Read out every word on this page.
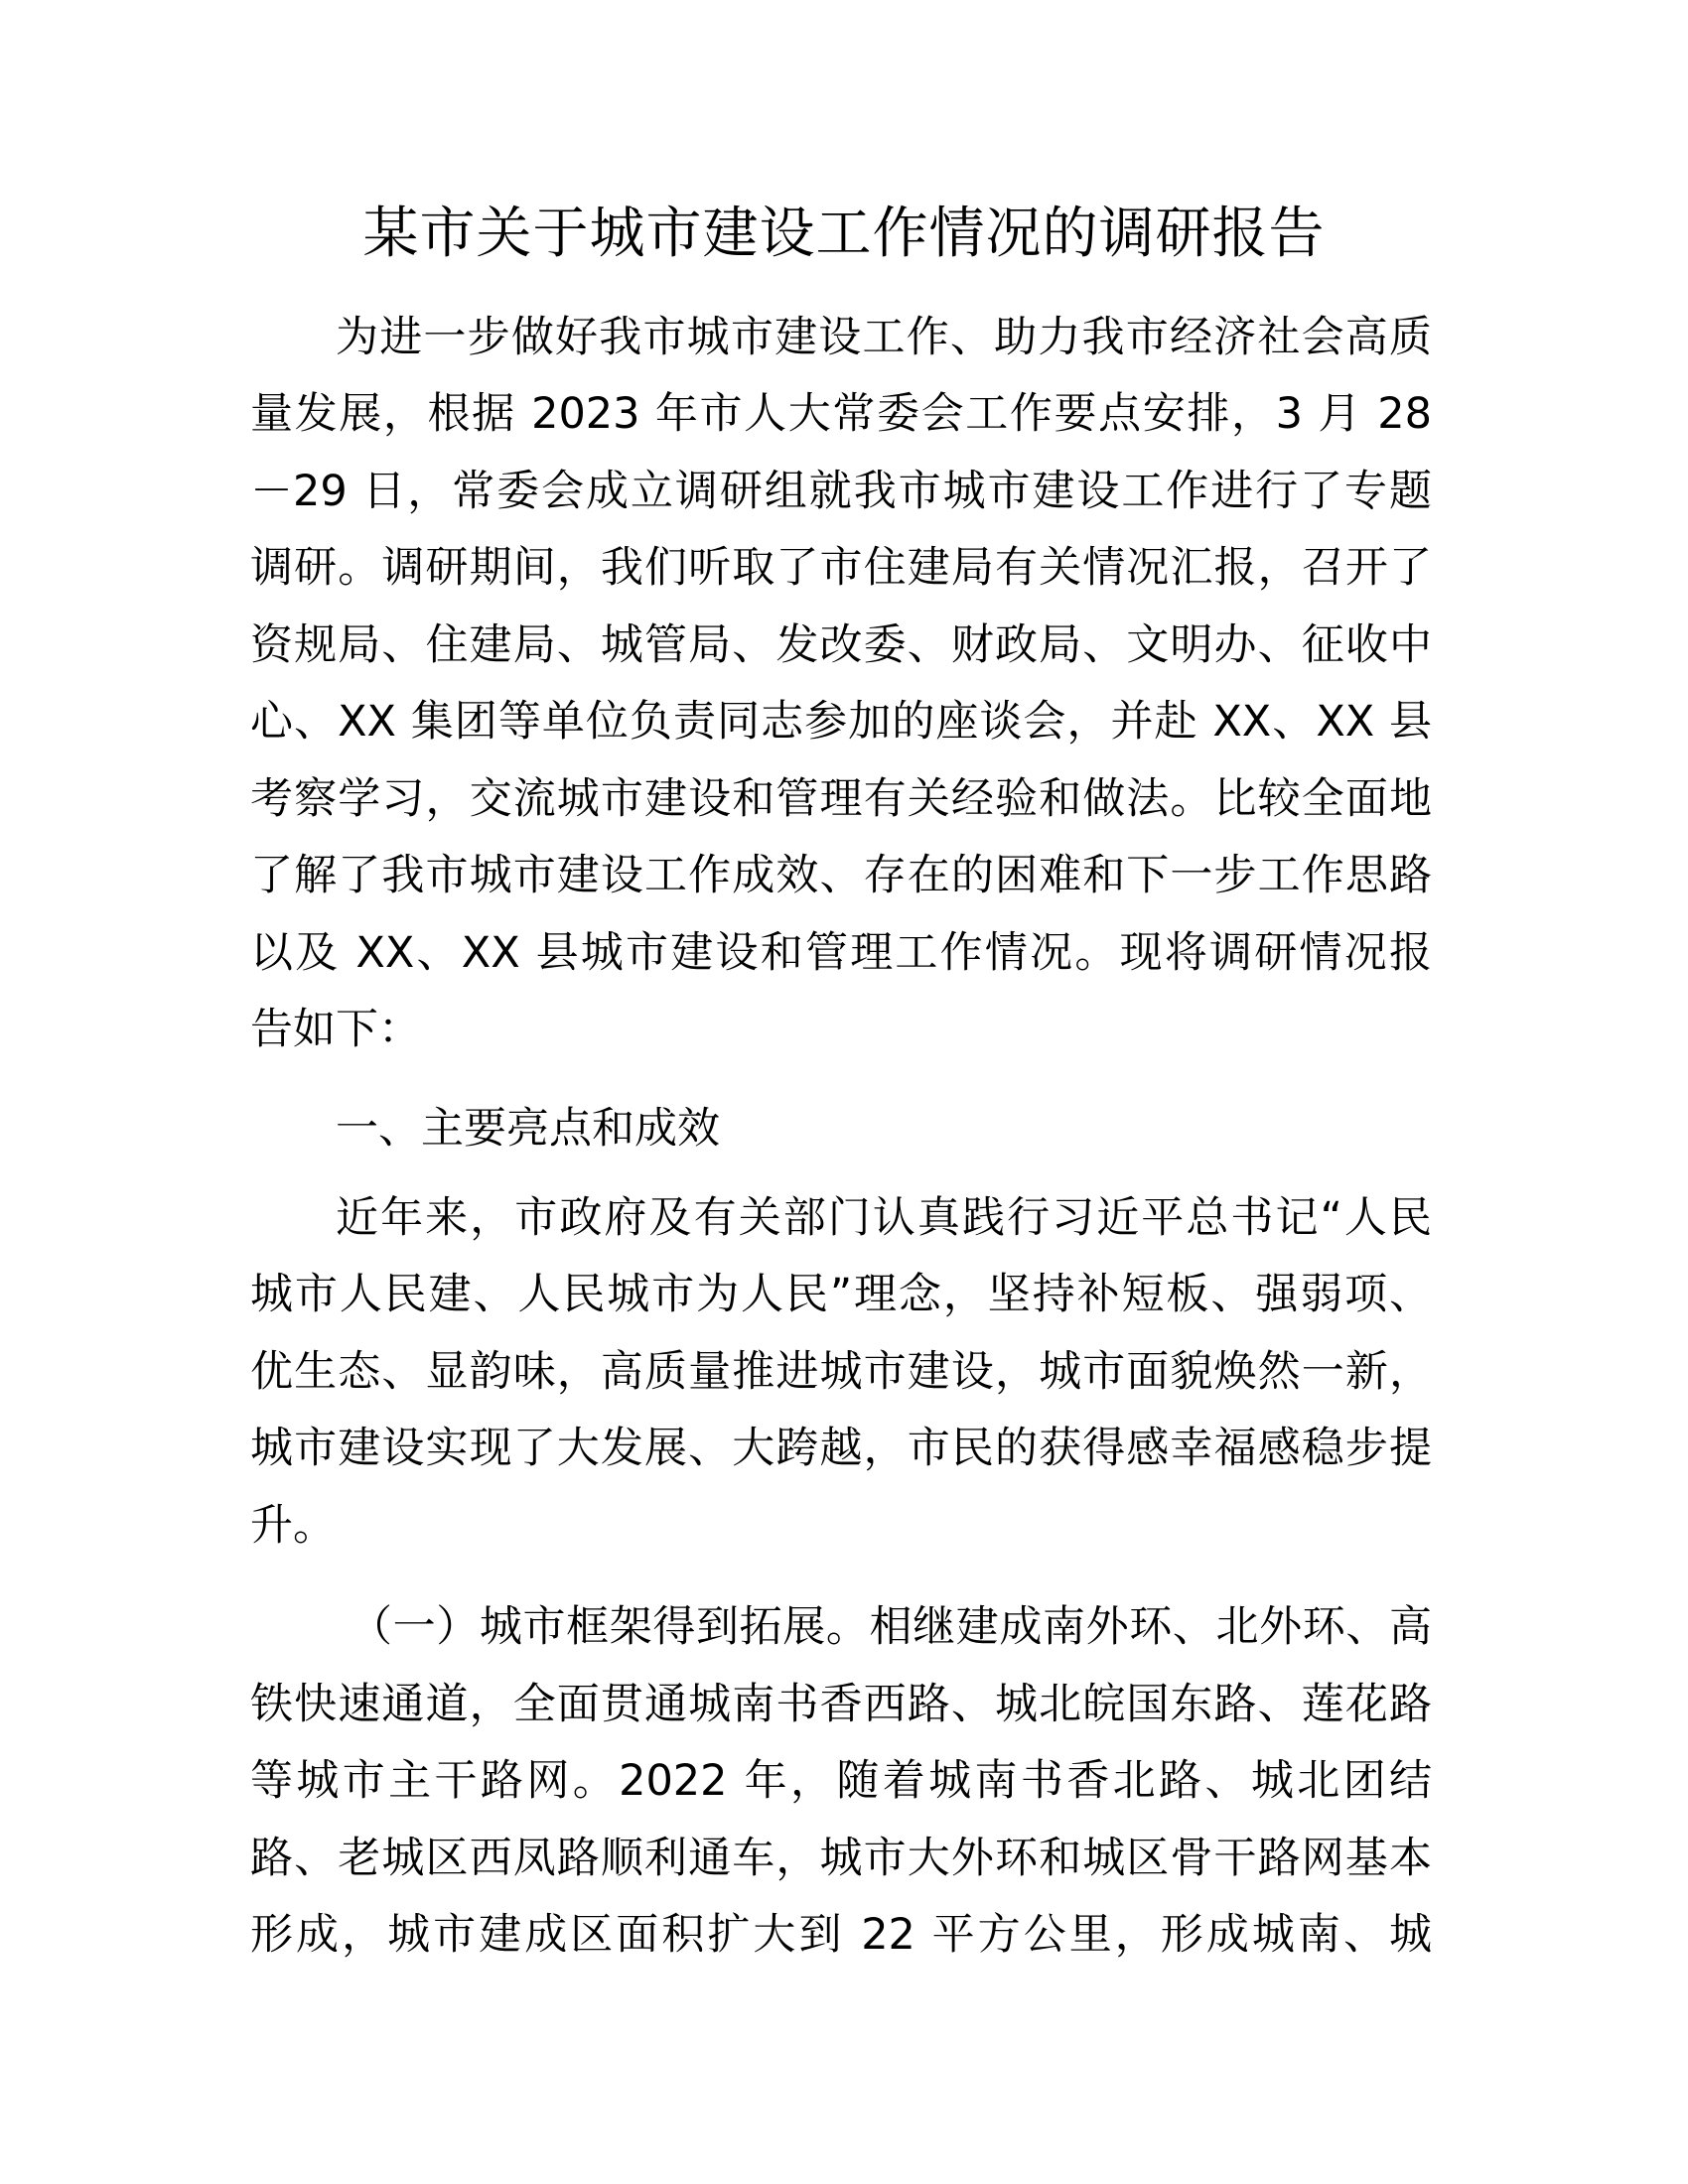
某市关于城市建设工作情况的调研报告
为进一步做好我市城市建设工作、助力我市经济社会高质
量发展，根据 2023 年市人大常委会工作要点安排，3 月 28
－29 日，常委会成立调研组就我市城市建设工作进行了专题
调研。调研期间，我们听取了市住建局有关情况汇报，召开了
资规局、住建局、城管局、发改委、财政局、文明办、征收中
心、XX 集团等单位负责同志参加的座谈会，并赴 XX、XX 县
考察学习，交流城市建设和管理有关经验和做法。比较全面地
了解了我市城市建设工作成效、存在的困难和下一步工作思路
以及 XX、XX 县城市建设和管理工作情况。现将调研情况报
告如下：
一、主要亮点和成效
近年来，市政府及有关部门认真践行习近平总书记“人民
城市人民建、人民城市为人民”理念，坚持补短板、强弱项、
优生态、显韵味，高质量推进城市建设，城市面貌焕然一新，
城市建设实现了大发展、大跨越，市民的获得感幸福感稳步提
升。
（一）城市框架得到拓展。相继建成南外环、北外环、高
铁快速通道，全面贯通城南书香西路、城北皖国东路、莲花路
等城市主干路网。2022 年，随着城南书香北路、城北团结
路、老城区西凤路顺利通车，城市大外环和城区骨干路网基本
形成，城市建成区面积扩大到 22 平方公里，形成城南、城
